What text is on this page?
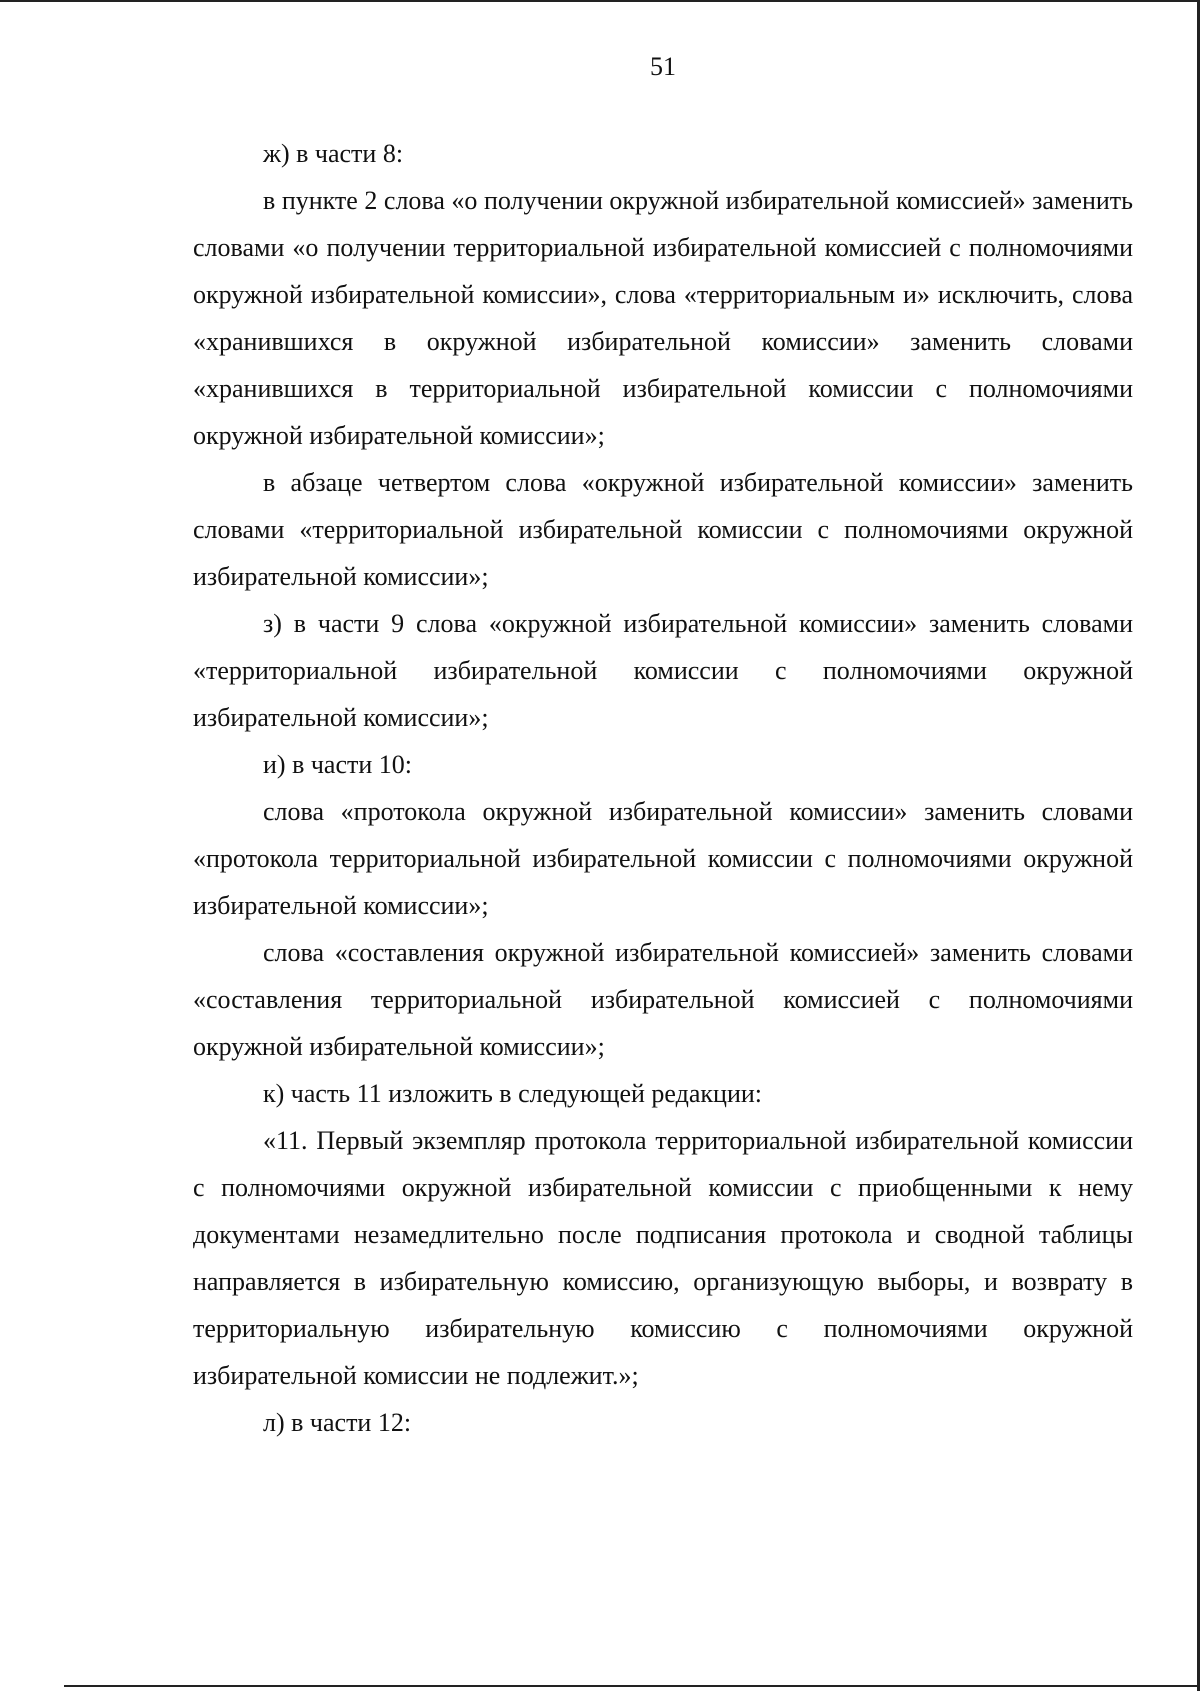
51

ж) в части 8:

в пункте 2 слова «о получении окружной избирательной комиссией» заменить словами «о получении территориальной избирательной комиссией с полномочиями окружной избирательной комиссии», слова «территориальным и» исключить, слова «хранившихся в окружной избирательной комиссии» заменить словами «хранившихся в территориальной избирательной комиссии с полномочиями окружной избирательной комиссии»;

в абзаце четвертом слова «окружной избирательной комиссии» заменить словами «территориальной избирательной комиссии с полномочиями окружной избирательной комиссии»;

з) в части 9 слова «окружной избирательной комиссии» заменить словами «территориальной избирательной комиссии с полномочиями окружной избирательной комиссии»;

и) в части 10:

слова «протокола окружной избирательной комиссии» заменить словами «протокола территориальной избирательной комиссии с полномочиями окружной избирательной комиссии»;

слова «составления окружной избирательной комиссией» заменить словами «составления территориальной избирательной комиссией с полномочиями окружной избирательной комиссии»;

к) часть 11 изложить в следующей редакции:

«11. Первый экземпляр протокола территориальной избирательной комиссии с полномочиями окружной избирательной комиссии с приобщенными к нему документами незамедлительно после подписания протокола и сводной таблицы направляется в избирательную комиссию, организующую выборы, и возврату в территориальную избирательную комиссию с полномочиями окружной избирательной комиссии не подлежит.»;

л) в части 12:
